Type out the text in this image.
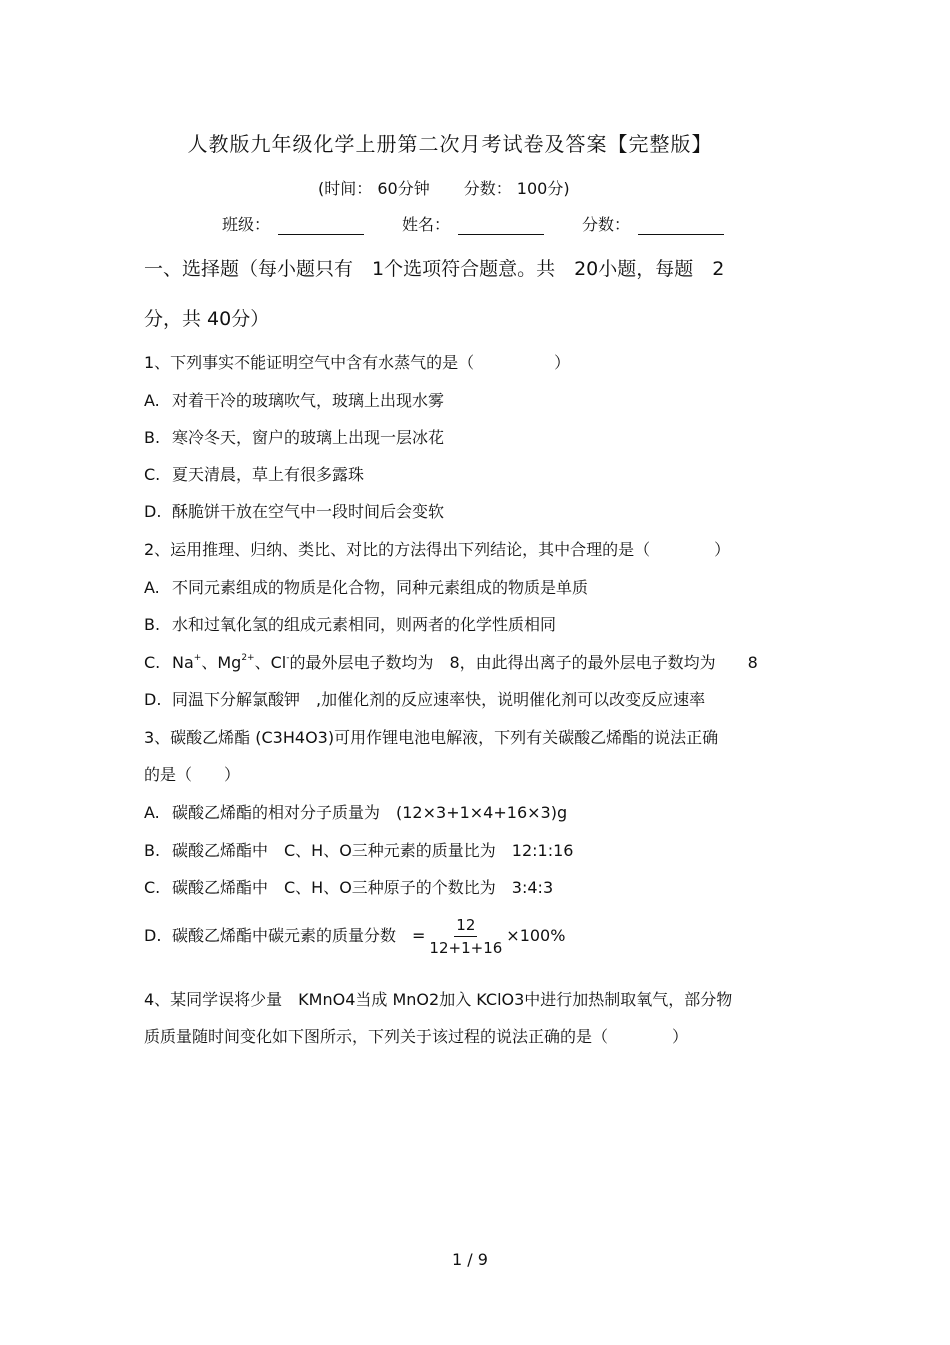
人教版九年级化学上册第二次月考试卷及答案【完整版】
(时间： 60分钟 分数： 100分)
班级：	姓名：	分数：
一、选择题（每小题只有　1个选项符合题意。共　20小题，每题　2
分，共 40分）
1、下列事实不能证明空气中含有水蒸气的是（　　　　　）
A. 对着干冷的玻璃吹气，玻璃上出现水雾
B. 寒冷冬天，窗户的玻璃上出现一层冰花
C. 夏天清晨，草上有很多露珠
D. 酥脆饼干放在空气中一段时间后会变软
2、运用推理、归纳、类比、对比的方法得出下列结论，其中合理的是（　　　　）
A. 不同元素组成的物质是化合物，同种元素组成的物质是单质
B. 水和过氧化氢的组成元素相同，则两者的化学性质相同
C. Na+、$Mg^{2+}$、Cl-的最外层电子数均为　8，由此得出离子的最外层电子数均为　　8
D. 同温下分解氯酸钾　,加催化剂的反应速率快，说明催化剂可以改变反应速率
3、碳酸乙烯酯 (C3H4O3)可用作锂电池电解液，下列有关碳酸乙烯酯的说法正确
的是（　　）
A. 碳酸乙烯酯的相对分子质量为　(12×3+1×4+16×3)g
B. 碳酸乙烯酯中　C、H、O三种元素的质量比为　12:1:16
C. 碳酸乙烯酯中　C、H、O三种原子的个数比为　3:4:3
D. 碳酸乙烯酯中碳元素的质量分数　= $\frac{12}{12+1+16} \times 100\%$
4、某同学误将少量　KMnO4当成 MnO2加入 KClO3中进行加热制取氧气，部分物
质质量随时间变化如下图所示，下列关于该过程的说法正确的是（　　　　）
1 / 9
